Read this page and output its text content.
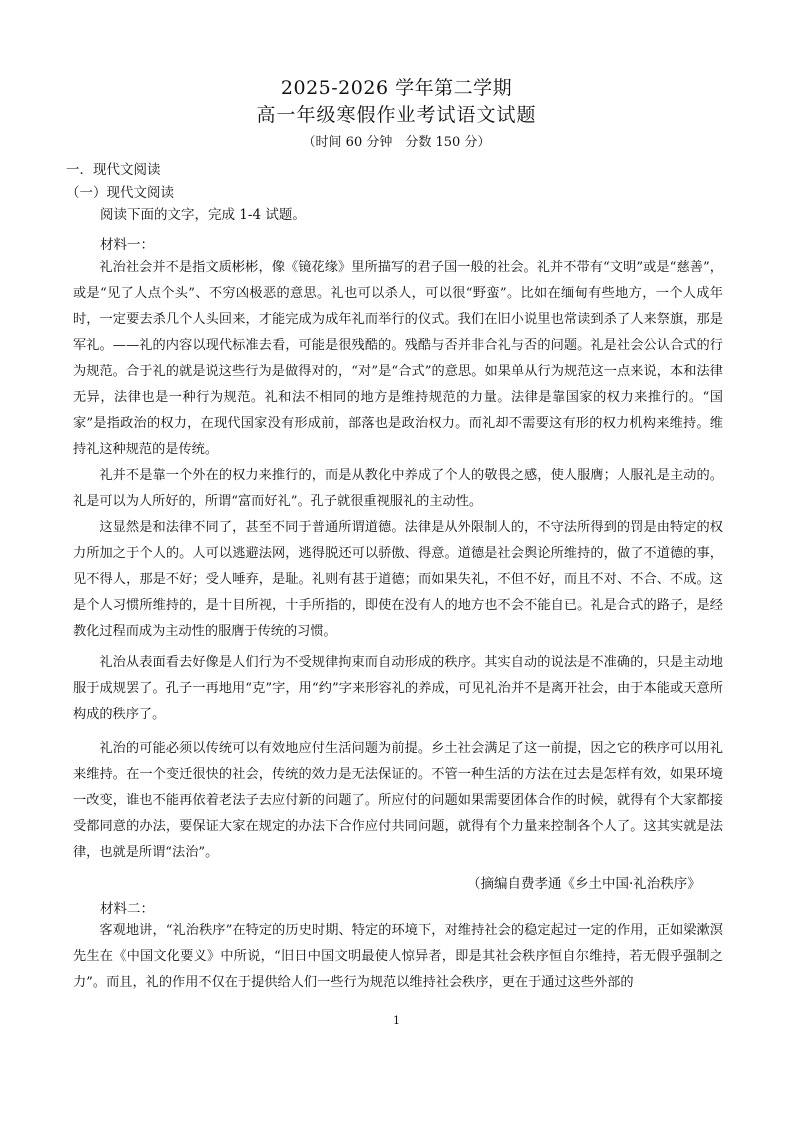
2025-2026 学年第二学期
高一年级寒假作业考试语文试题
（时间 60 分钟　分数 150 分）
一．现代文阅读
（一）现代文阅读
阅读下面的文字，完成 1-4 试题。
材料一：

礼治社会并不是指文质彬彬，像《镜花缘》里所描写的君子国一般的社会。礼并不带有“文明”或是“慈善”，或是“见了人点个头”、不穷凶极恶的意思。礼也可以杀人，可以很“野蛮”。比如在缅甸有些地方，一个人成年时，一定要去杀几个人头回来，才能完成为成年礼而举行的仪式。我们在旧小说里也常读到杀了人来祭旗，那是军礼。——礼的内容以现代标准去看，可能是很残酷的。残酷与否并非合礼与否的问题。礼是社会公认合式的行为规范。合于礼的就是说这些行为是做得对的，“对”是“合式”的意思。如果单从行为规范这一点来说，本和法律无异，法律也是一种行为规范。礼和法不相同的地方是维持规范的力量。法律是靠国家的权力来推行的。“国家”是指政治的权力，在现代国家没有形成前，部落也是政治权力。而礼却不需要这有形的权力机构来维持。维持礼这种规范的是传统。

礼并不是靠一个外在的权力来推行的，而是从教化中养成了个人的敬畏之感，使人服膺；人服礼是主动的。礼是可以为人所好的，所谓“富而好礼”。孔子就很重视服礼的主动性。

这显然是和法律不同了，甚至不同于普通所谓道德。法律是从外限制人的，不守法所得到的罚是由特定的权力所加之于个人的。人可以逃避法网，逃得脱还可以骄傲、得意。道德是社会舆论所维持的，做了不道德的事，见不得人，那是不好；受人唾弃，是耻。礼则有甚于道德；而如果失礼，不但不好，而且不对、不合、不成。这是个人习惯所维持的，是十目所视，十手所指的，即使在没有人的地方也不会不能自已。礼是合式的路子，是经教化过程而成为主动性的服膺于传统的习惯。

礼治从表面看去好像是人们行为不受规律拘束而自动形成的秩序。其实自动的说法是不准确的，只是主动地服于成规罢了。孔子一再地用“克”字，用“约”字来形容礼的养成，可见礼治并不是离开社会，由于本能或天意所构成的秩序了。

礼治的可能必须以传统可以有效地应付生活问题为前提。乡土社会满足了这一前提，因之它的秩序可以用礼来维持。在一个变迁很快的社会，传统的效力是无法保证的。不管一种生活的方法在过去是怎样有效，如果环境一改变，谁也不能再依着老法子去应付新的问题了。所应付的问题如果需要团体合作的时候，就得有个大家都接受都同意的办法，要保证大家在规定的办法下合作应付共同问题，就得有个力量来控制各个人了。这其实就是法律，也就是所谓“法治”。

（摘编自费孝通《乡土中国·礼治秩序》
材料二：

客观地讲，“礼治秩序”在特定的历史时期、特定的环境下，对维持社会的稳定起过一定的作用，正如梁漱溟先生在《中国文化要义》中所说，“旧日中国文明最使人惊异者，即是其社会秩序恒自尔维持，若无假乎强制之力”。而且，礼的作用不仅在于提供给人们一些行为规范以维持社会秩序，更在于通过这些外部的

1
